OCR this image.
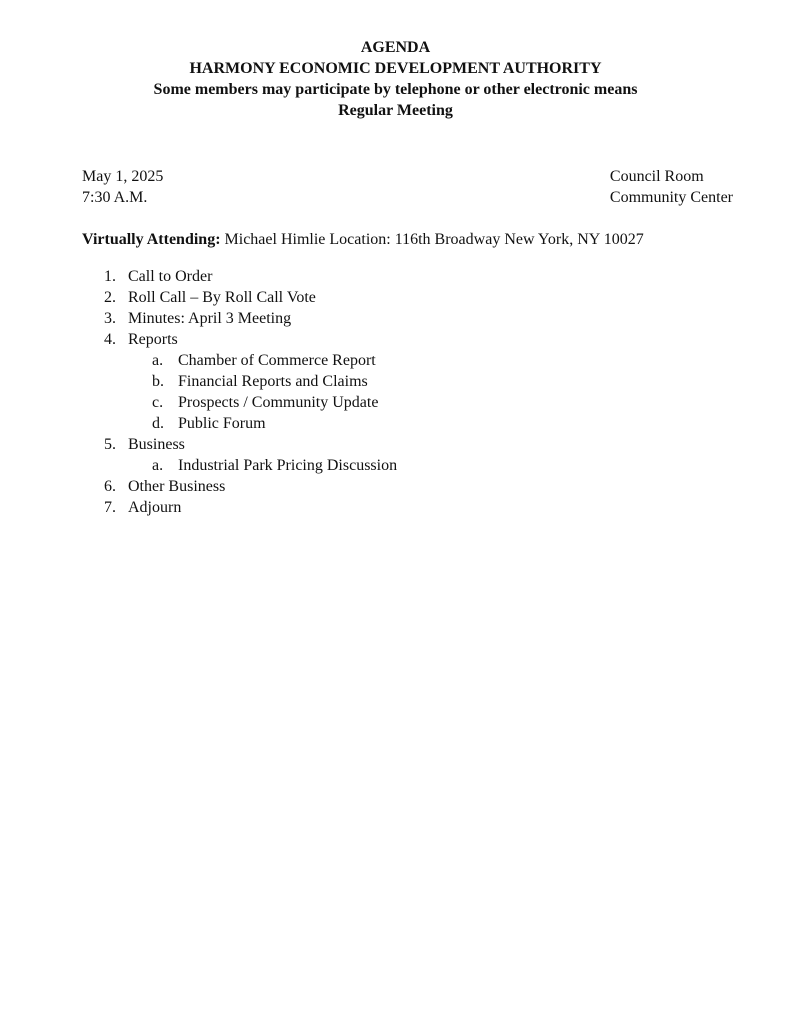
AGENDA
HARMONY ECONOMIC DEVELOPMENT AUTHORITY
Some members may participate by telephone or other electronic means
Regular Meeting
May 1, 2025
7:30 A.M.
Council Room
Community Center
Virtually Attending: Michael Himlie Location: 116th Broadway New York, NY 10027
1. Call to Order
2. Roll Call – By Roll Call Vote
3. Minutes: April 3 Meeting
4. Reports
a. Chamber of Commerce Report
b. Financial Reports and Claims
c. Prospects / Community Update
d. Public Forum
5. Business
a. Industrial Park Pricing Discussion
6. Other Business
7. Adjourn
